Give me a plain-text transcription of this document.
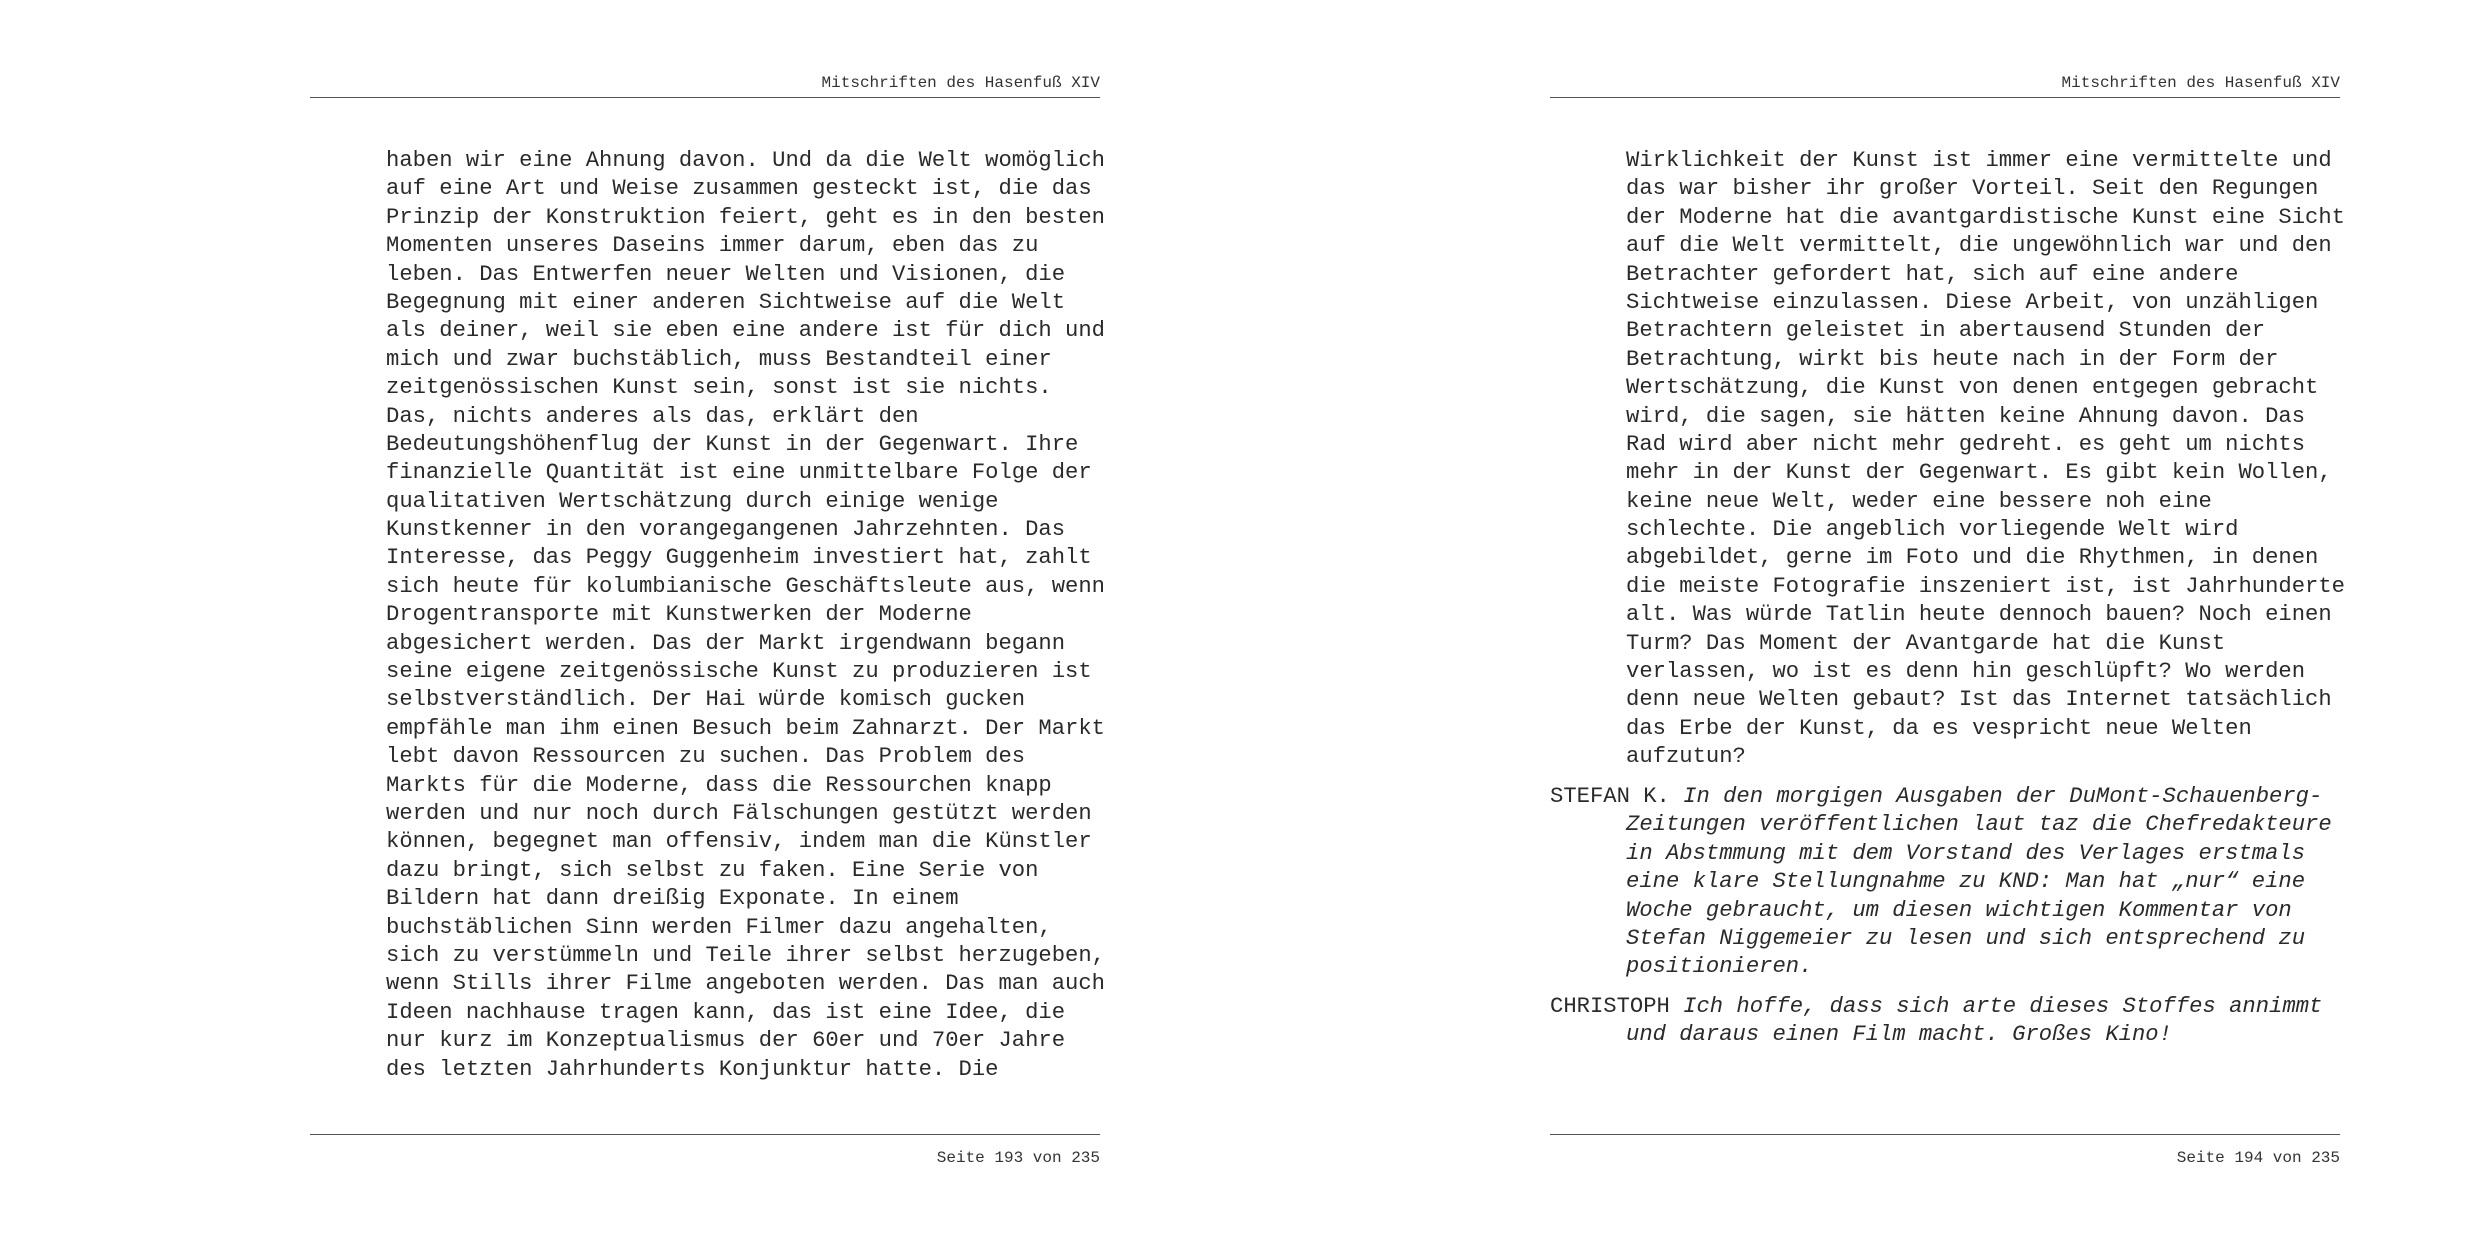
Mitschriften des Hasenfuß XIV
haben wir eine Ahnung davon. Und da die Welt womöglich
auf eine Art und Weise zusammen gesteckt ist, die das
Prinzip der Konstruktion feiert, geht es in den besten
Momenten unseres Daseins immer darum, eben das zu
leben. Das Entwerfen neuer Welten und Visionen, die
Begegnung mit einer anderen Sichtweise auf die Welt
als deiner, weil sie eben eine andere ist für dich und
mich und zwar buchstäblich, muss Bestandteil einer
zeitgenössischen Kunst sein, sonst ist sie nichts.
Das, nichts anderes als das, erklärt den
Bedeutungshöhenflug der Kunst in der Gegenwart. Ihre
finanzielle Quantität ist eine unmittelbare Folge der
qualitativen Wertschätzung durch einige wenige
Kunstkenner in den vorangegangenen Jahrzehnten. Das
Interesse, das Peggy Guggenheim investiert hat, zahlt
sich heute für kolumbianische Geschäftsleute aus, wenn
Drogentransporte mit Kunstwerken der Moderne
abgesichert werden. Das der Markt irgendwann begann
seine eigene zeitgenössische Kunst zu produzieren ist
selbstverständlich. Der Hai würde komisch gucken
empfähle man ihm einen Besuch beim Zahnarzt. Der Markt
lebt davon Ressourcen zu suchen. Das Problem des
Markts für die Moderne, dass die Ressourchen knapp
werden und nur noch durch Fälschungen gestützt werden
können, begegnet man offensiv, indem man die Künstler
dazu bringt, sich selbst zu faken. Eine Serie von
Bildern hat dann dreißig Exponate. In einem
buchstäblichen Sinn werden Filmer dazu angehalten,
sich zu verstümmeln und Teile ihrer selbst herzugeben,
wenn Stills ihrer Filme angeboten werden. Das man auch
Ideen nachhause tragen kann, das ist eine Idee, die
nur kurz im Konzeptualismus der 60er und 70er Jahre
des letzten Jahrhunderts Konjunktur hatte. Die
Seite 193 von 235
Mitschriften des Hasenfuß XIV
Wirklichkeit der Kunst ist immer eine vermittelte und
das war bisher ihr großer Vorteil. Seit den Regungen
der Moderne hat die avantgardistische Kunst eine Sicht
auf die Welt vermittelt, die ungewöhnlich war und den
Betrachter gefordert hat, sich auf eine andere
Sichtweise einzulassen. Diese Arbeit, von unzähligen
Betrachtern geleistet in abertausend Stunden der
Betrachtung, wirkt bis heute nach in der Form der
Wertschätzung, die Kunst von denen entgegen gebracht
wird, die sagen, sie hätten keine Ahnung davon. Das
Rad wird aber nicht mehr gedreht. es geht um nichts
mehr in der Kunst der Gegenwart. Es gibt kein Wollen,
keine neue Welt, weder eine bessere noh eine
schlechte. Die angeblich vorliegende Welt wird
abgebildet, gerne im Foto und die Rhythmen, in denen
die meiste Fotografie inszeniert ist, ist Jahrhunderte
alt. Was würde Tatlin heute dennoch bauen? Noch einen
Turm? Das Moment der Avantgarde hat die Kunst
verlassen, wo ist es denn hin geschlüpft? Wo werden
denn neue Welten gebaut? Ist das Internet tatsächlich
das Erbe der Kunst, da es vespricht neue Welten
aufzutun?
STEFAN K. In den morgigen Ausgaben der DuMont-Schauenberg-
Zeitungen veröffentlichen laut taz die Chefredakteure
in Abstmmung mit dem Vorstand des Verlages erstmals
eine klare Stellungnahme zu KND: Man hat „nur“ eine
Woche gebraucht, um diesen wichtigen Kommentar von
Stefan Niggemeier zu lesen und sich entsprechend zu
positionieren.
CHRISTOPH Ich hoffe, dass sich arte dieses Stoffes annimmt
und daraus einen Film macht. Großes Kino!
Seite 194 von 235
